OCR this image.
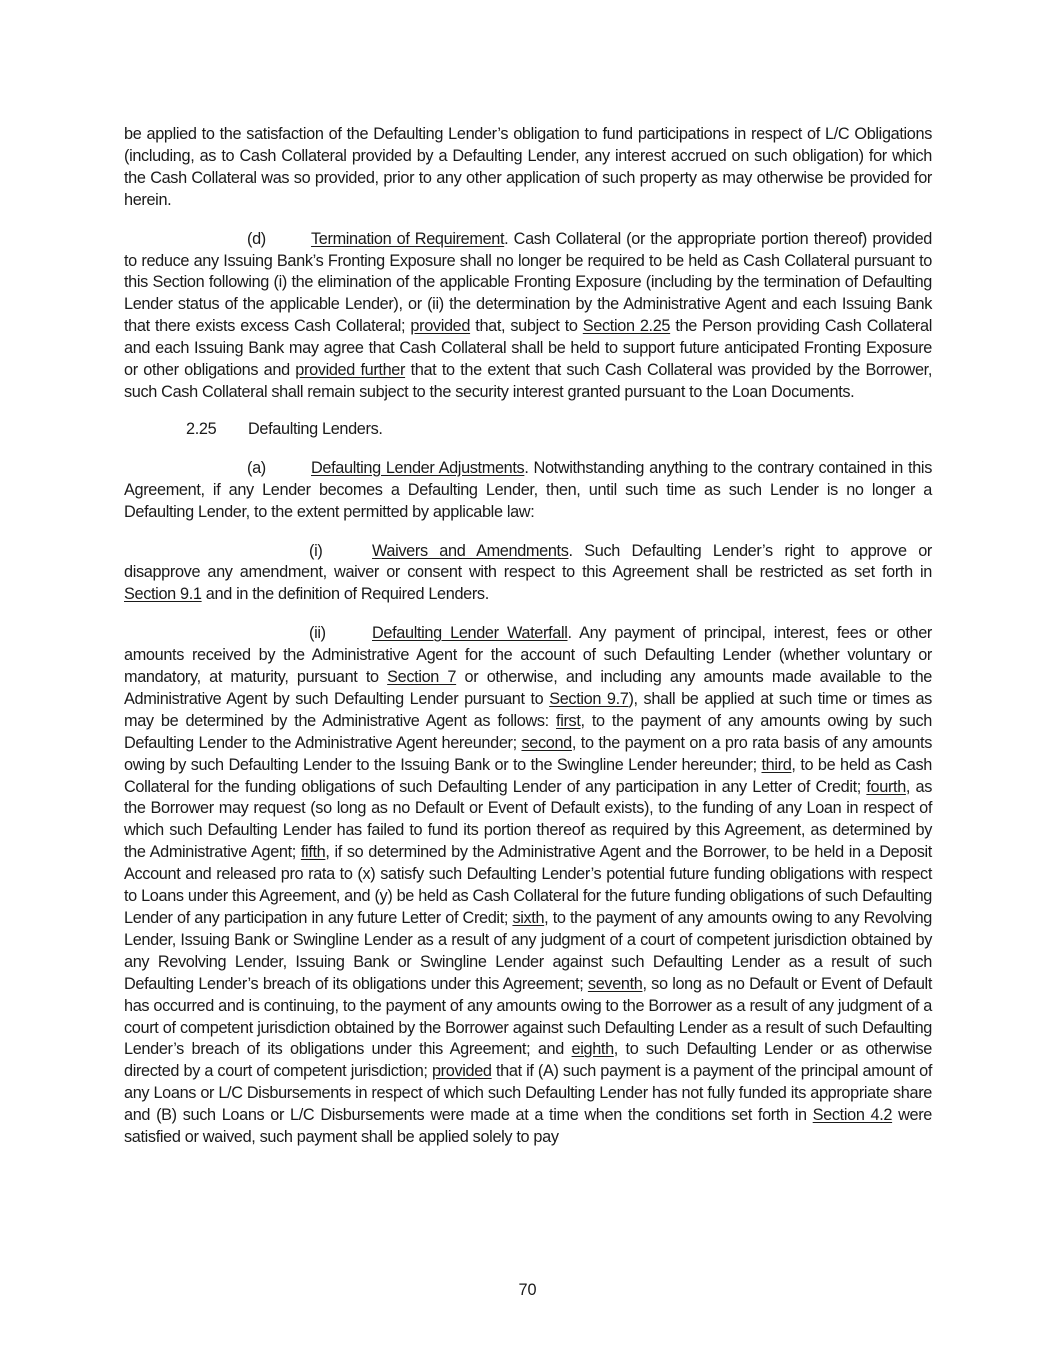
be applied to the satisfaction of the Defaulting Lender’s obligation to fund participations in respect of L/C Obligations (including, as to Cash Collateral provided by a Defaulting Lender, any interest accrued on such obligation) for which the Cash Collateral was so provided, prior to any other application of such property as may otherwise be provided for herein.

(d)	Termination of Requirement. Cash Collateral (or the appropriate portion thereof) provided to reduce any Issuing Bank’s Fronting Exposure shall no longer be required to be held as Cash Collateral pursuant to this Section following (i) the elimination of the applicable Fronting Exposure (including by the termination of Defaulting Lender status of the applicable Lender), or (ii) the determination by the Administrative Agent and each Issuing Bank that there exists excess Cash Collateral; provided that, subject to Section 2.25 the Person providing Cash Collateral and each Issuing Bank may agree that Cash Collateral shall be held to support future anticipated Fronting Exposure or other obligations and provided further that to the extent that such Cash Collateral was provided by the Borrower, such Cash Collateral shall remain subject to the security interest granted pursuant to the Loan Documents.

2.25 Defaulting Lenders.

(a)	Defaulting Lender Adjustments. Notwithstanding anything to the contrary contained in this Agreement, if any Lender becomes a Defaulting Lender, then, until such time as such Lender is no longer a Defaulting Lender, to the extent permitted by applicable law:

(i)	Waivers and Amendments. Such Defaulting Lender’s right to approve or disapprove any amendment, waiver or consent with respect to this Agreement shall be restricted as set forth in Section 9.1 and in the definition of Required Lenders.

(ii)	Defaulting Lender Waterfall. Any payment of principal, interest, fees or other amounts received by the Administrative Agent for the account of such Defaulting Lender (whether voluntary or mandatory, at maturity, pursuant to Section 7 or otherwise, and including any amounts made available to the Administrative Agent by such Defaulting Lender pursuant to Section 9.7), shall be applied at such time or times as may be determined by the Administrative Agent as follows: first, to the payment of any amounts owing by such Defaulting Lender to the Administrative Agent hereunder; second, to the payment on a pro rata basis of any amounts owing by such Defaulting Lender to the Issuing Bank or to the Swingline Lender hereunder; third, to be held as Cash Collateral for the funding obligations of such Defaulting Lender of any participation in any Letter of Credit; fourth, as the Borrower may request (so long as no Default or Event of Default exists), to the funding of any Loan in respect of which such Defaulting Lender has failed to fund its portion thereof as required by this Agreement, as determined by the Administrative Agent; fifth, if so determined by the Administrative Agent and the Borrower, to be held in a Deposit Account and released pro rata to (x) satisfy such Defaulting Lender’s potential future funding obligations with respect to Loans under this Agreement, and (y) be held as Cash Collateral for the future funding obligations of such Defaulting Lender of any participation in any future Letter of Credit; sixth, to the payment of any amounts owing to any Revolving Lender, Issuing Bank or Swingline Lender as a result of any judgment of a court of competent jurisdiction obtained by any Revolving Lender, Issuing Bank or Swingline Lender against such Defaulting Lender as a result of such Defaulting Lender’s breach of its obligations under this Agreement; seventh, so long as no Default or Event of Default has occurred and is continuing, to the payment of any amounts owing to the Borrower as a result of any judgment of a court of competent jurisdiction obtained by the Borrower against such Defaulting Lender as a result of such Defaulting Lender’s breach of its obligations under this Agreement; and eighth, to such Defaulting Lender or as otherwise directed by a court of competent jurisdiction; provided that if (A) such payment is a payment of the principal amount of any Loans or L/C Disbursements in respect of which such Defaulting Lender has not fully funded its appropriate share and (B) such Loans or L/C Disbursements were made at a time when the conditions set forth in Section 4.2 were satisfied or waived, such payment shall be applied solely to pay

70
